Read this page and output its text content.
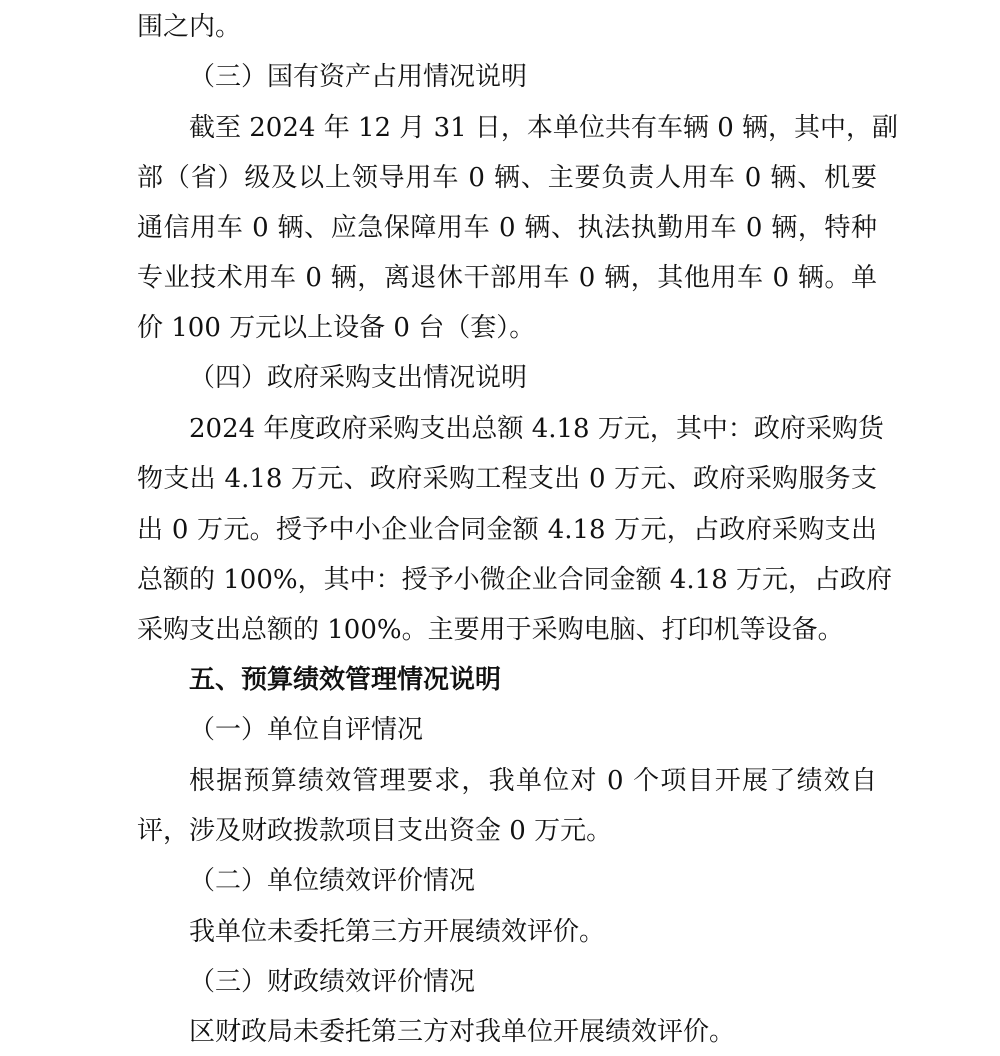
围之内。
（三）国有资产占用情况说明
截至 2024 年 12 月 31 日，本单位共有车辆 0 辆，其中，副
部（省）级及以上领导用车 0 辆、主要负责人用车 0 辆、机要
通信用车 0 辆、应急保障用车 0 辆、执法执勤用车 0 辆，特种
专业技术用车 0 辆，离退休干部用车 0 辆，其他用车 0 辆。单
价 100 万元以上设备 0 台（套）。
（四）政府采购支出情况说明
2024 年度政府采购支出总额 4.18 万元，其中：政府采购货
物支出 4.18 万元、政府采购工程支出 0 万元、政府采购服务支
出 0 万元。授予中小企业合同金额 4.18 万元，占政府采购支出
总额的 100%，其中：授予小微企业合同金额 4.18 万元，占政府
采购支出总额的 100%。主要用于采购电脑、打印机等设备。
五、预算绩效管理情况说明
（一）单位自评情况
根据预算绩效管理要求，我单位对 0 个项目开展了绩效自
评，涉及财政拨款项目支出资金 0 万元。
（二）单位绩效评价情况
我单位未委托第三方开展绩效评价。
（三）财政绩效评价情况
区财政局未委托第三方对我单位开展绩效评价。
